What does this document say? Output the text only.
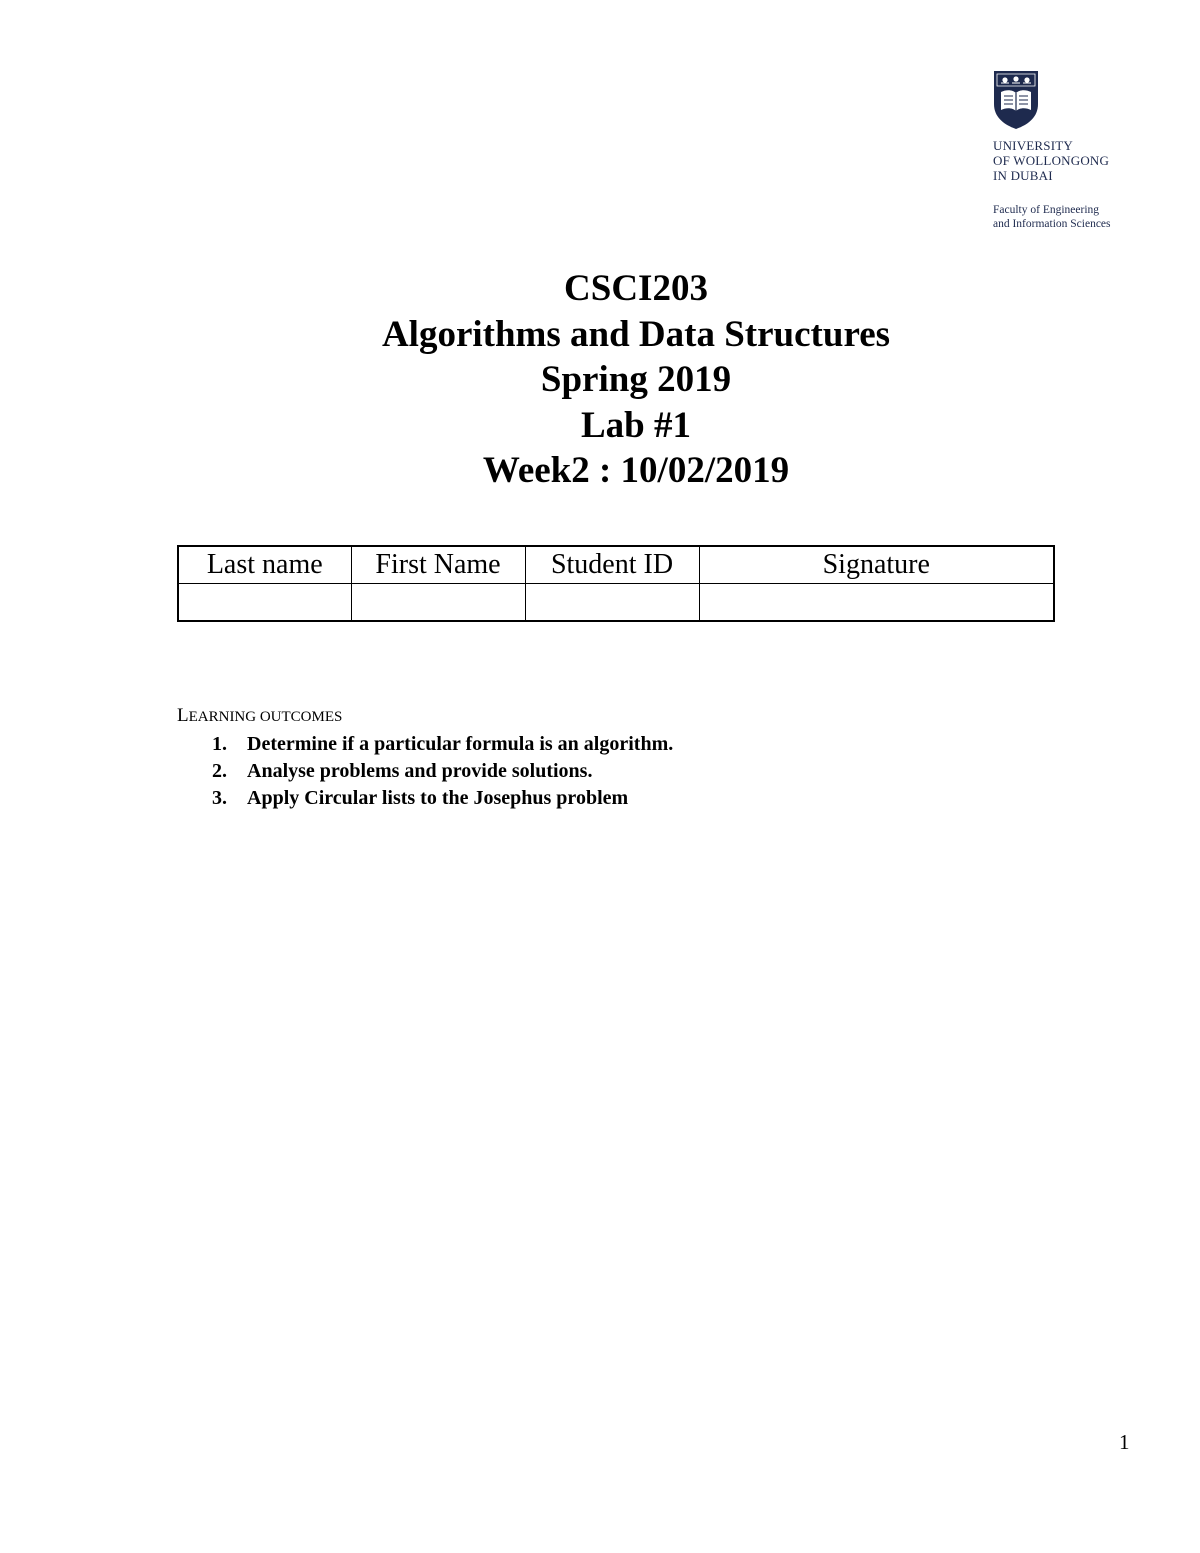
UNIVERSITY
OF WOLLONGONG
IN DUBAI
Faculty of Engineering
and Information Sciences
CSCI203
Algorithms and Data Structures
Spring 2019
Lab #1
Week2 : 10/02/2019
Last name	First Name	Student ID	Signature

LEARNING OUTCOMES
1. Determine if a particular formula is an algorithm.
2. Analyse problems and provide solutions.
3. Apply Circular lists to the Josephus problem
1
